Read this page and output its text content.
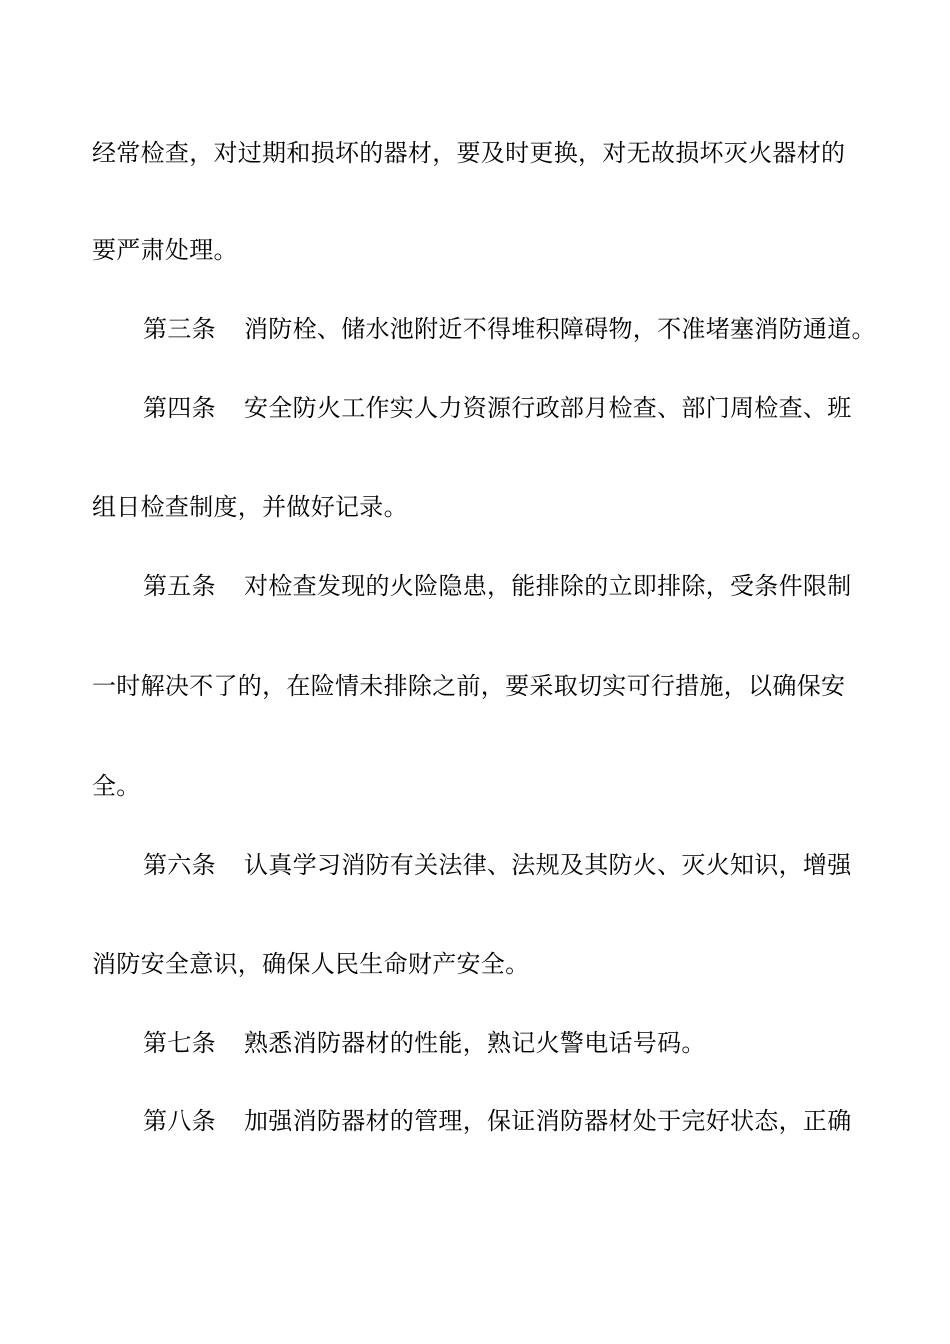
经常检查，对过期和损坏的器材，要及时更换，对无故损坏灭火器材的
要严肃处理。
第三条 消防栓、储水池附近不得堆积障碍物，不准堵塞消防通道。
第四条 安全防火工作实人力资源行政部月检查、部门周检查、班
组日检查制度，并做好记录。
第五条 对检查发现的火险隐患，能排除的立即排除，受条件限制
一时解决不了的，在险情未排除之前，要采取切实可行措施，以确保安
全。
第六条 认真学习消防有关法律、法规及其防火、灭火知识，增强
消防安全意识，确保人民生命财产安全。
第七条 熟悉消防器材的性能，熟记火警电话号码。
第八条 加强消防器材的管理，保证消防器材处于完好状态，正确
